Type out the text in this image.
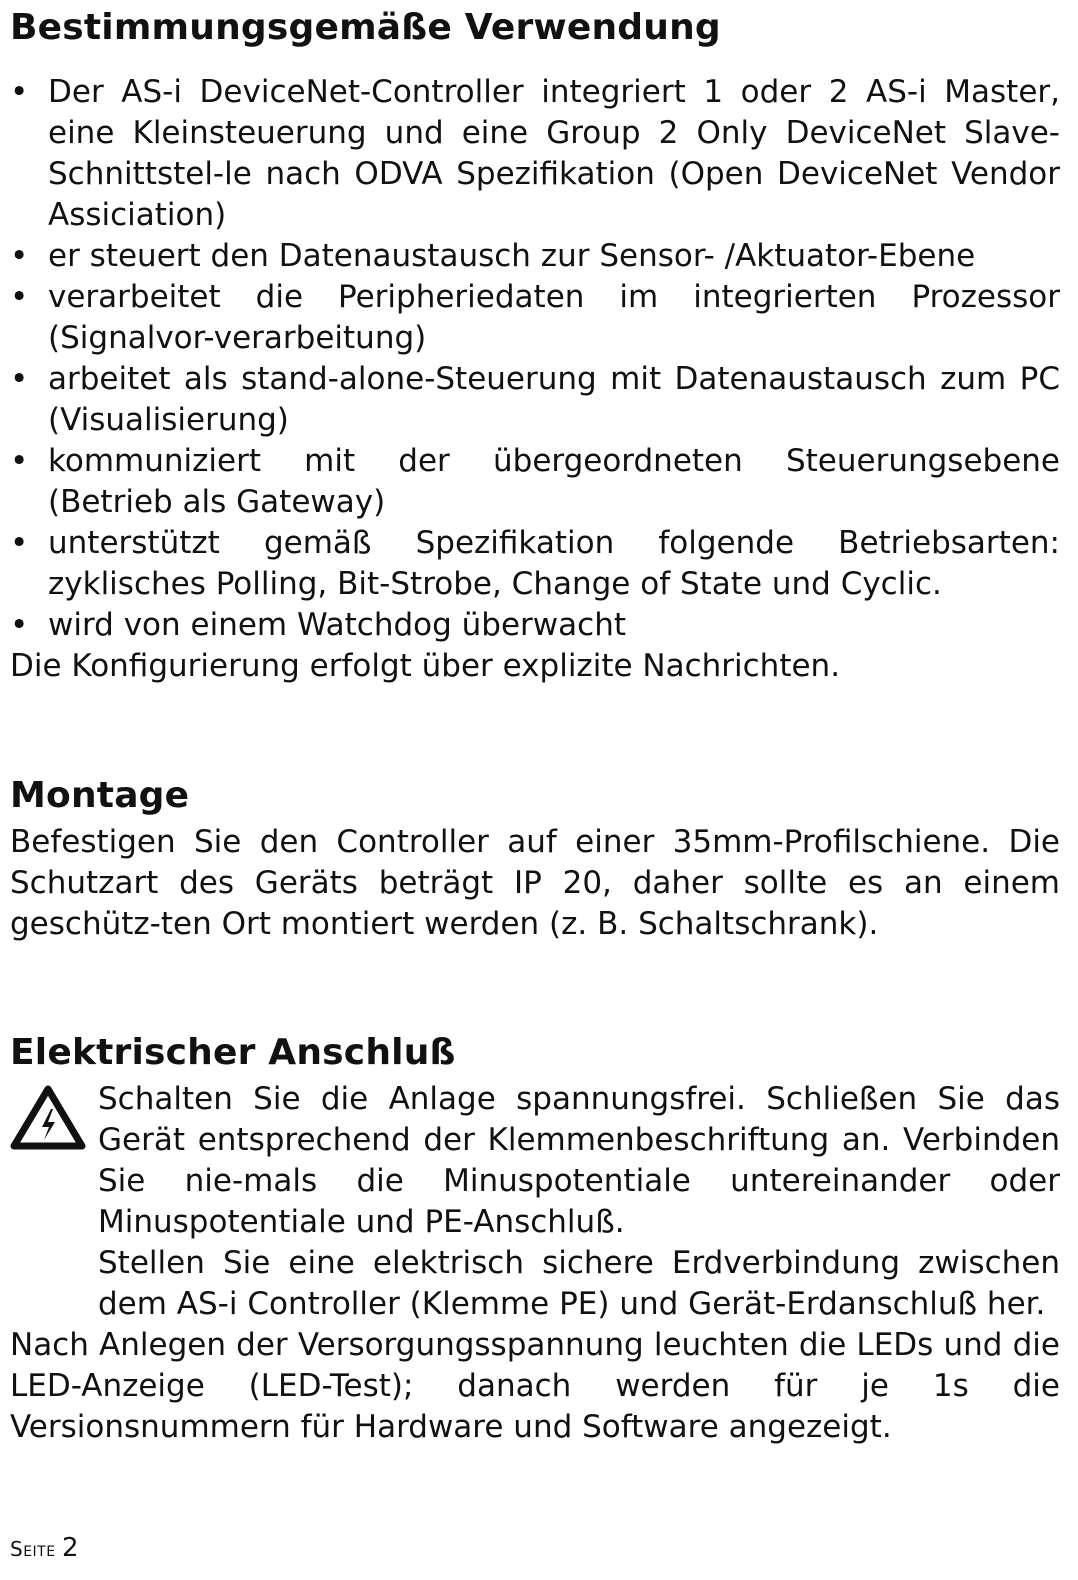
Bestimmungsgemäße Verwendung
• Der AS-i DeviceNet-Controller integriert 1 oder 2 AS-i Master, eine Kleinsteuerung und eine Group 2 Only DeviceNet Slave-Schnittstel-le nach ODVA Spezifikation (Open DeviceNet Vendor Assiciation)
• er steuert den Datenaustausch zur Sensor- /Aktuator-Ebene
• verarbeitet die Peripheriedaten im integrierten Prozessor (Signalvor-verarbeitung)
• arbeitet als stand-alone-Steuerung mit Datenaustausch zum PC (Visualisierung)
• kommuniziert mit der übergeordneten Steuerungsebene (Betrieb als Gateway)
• unterstützt gemäß Spezifikation folgende Betriebsarten: zyklisches Polling, Bit-Strobe, Change of State und Cyclic.
• wird von einem Watchdog überwacht

Die Konfigurierung erfolgt über explizite Nachrichten.

Montage

Befestigen Sie den Controller auf einer 35mm-Profilschiene. Die Schutzart des Geräts beträgt IP 20, daher sollte es an einem geschütz-ten Ort montiert werden (z. B. Schaltschrank).

Elektrischer Anschluß

Schalten Sie die Anlage spannungsfrei. Schließen Sie das Gerät entsprechend der Klemmenbeschriftung an. Verbinden Sie nie-mals die Minuspotentiale untereinander oder Minuspotentiale und PE-Anschluß.

Stellen Sie eine elektrisch sichere Erdverbindung zwischen dem AS-i Controller (Klemme PE) und Gerät-Erdanschluß her.

Nach Anlegen der Versorgungsspannung leuchten die LEDs und die LED-Anzeige (LED-Test); danach werden für je 1s die Versionsnummern für Hardware und Software angezeigt.

Seite 2
